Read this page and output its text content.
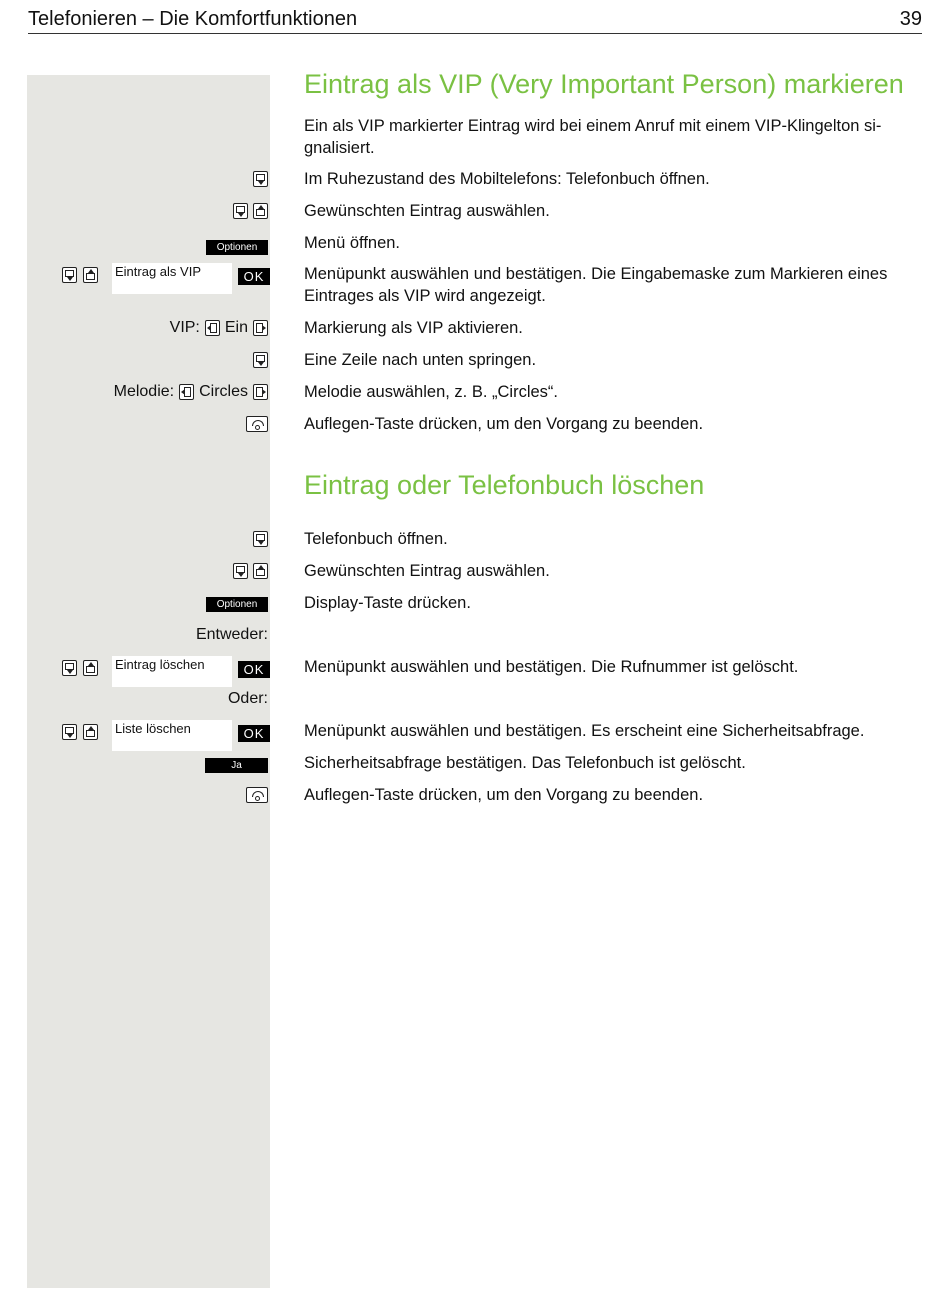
Telefonieren – Die Komfortfunktionen	39
Eintrag als VIP (Very Important Person) markieren
Ein als VIP markierter Eintrag wird bei einem Anruf mit einem VIP-Klingelton si-gnalisiert.
Im Ruhezustand des Mobiltelefons: Telefonbuch öffnen.
Gewünschten Eintrag auswählen.
Optionen	Menü öffnen.
Eintrag als VIP	OK	Menüpunkt auswählen und bestätigen. Die Eingabemaske zum Markieren eines Eintrages als VIP wird angezeigt.
VIP: Ein	Markierung als VIP aktivieren.
Eine Zeile nach unten springen.
Melodie: Circles	Melodie auswählen, z. B. „Circles“.
Auflegen-Taste drücken, um den Vorgang zu beenden.
Eintrag oder Telefonbuch löschen
Telefonbuch öffnen.
Gewünschten Eintrag auswählen.
Optionen	Display-Taste drücken.
Entweder:
Eintrag löschen	OK	Menüpunkt auswählen und bestätigen. Die Rufnummer ist gelöscht.
Oder:
Liste löschen	OK	Menüpunkt auswählen und bestätigen. Es erscheint eine Sicherheitsabfrage.
Ja	Sicherheitsabfrage bestätigen. Das Telefonbuch ist gelöscht.
Auflegen-Taste drücken, um den Vorgang zu beenden.
